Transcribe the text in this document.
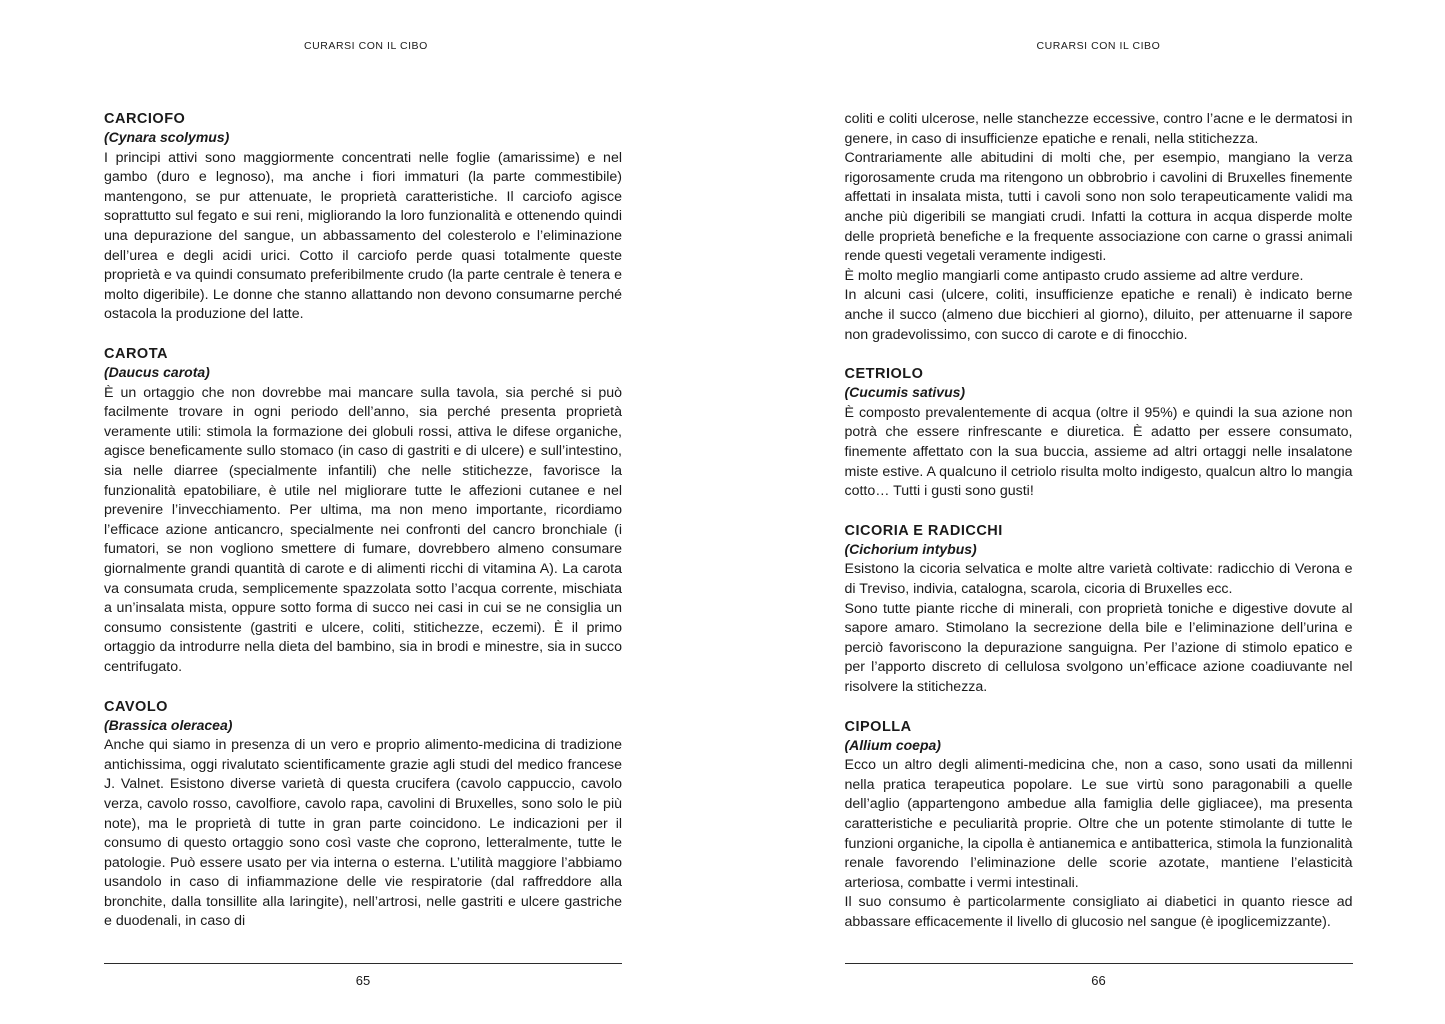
CURARSI CON IL CIBO
CARCIOFO
(Cynara scolymus)

I principi attivi sono maggiormente concentrati nelle foglie (amarissime) e nel gambo (duro e legnoso), ma anche i fiori immaturi (la parte commestibile) mantengono, se pur attenuate, le proprietà caratteristiche. Il carciofo agisce soprattutto sul fegato e sui reni, migliorando la loro funzionalità e ottenendo quindi una depurazione del sangue, un abbassamento del colesterolo e l’eliminazione dell’urea e degli acidi urici. Cotto il carciofo perde quasi totalmente queste proprietà e va quindi consumato preferibilmente crudo (la parte centrale è tenera e molto digeribile). Le donne che stanno allattando non devono consumarne perché ostacola la produzione del latte.

CAROTA
(Daucus carota)

È un ortaggio che non dovrebbe mai mancare sulla tavola, sia perché si può facilmente trovare in ogni periodo dell’anno, sia perché presenta proprietà veramente utili: stimola la formazione dei globuli rossi, attiva le difese organiche, agisce beneficamente sullo stomaco (in caso di gastriti e di ulcere) e sull’intestino, sia nelle diarree (specialmente infantili) che nelle stitichezze, favorisce la funzionalità epatobiliare, è utile nel migliorare tutte le affezioni cutanee e nel prevenire l’invecchiamento. Per ultima, ma non meno importante, ricordiamo l’efficace azione anticancro, specialmente nei confronti del cancro bronchiale (i fumatori, se non vogliono smettere di fumare, dovrebbero almeno consumare giornalmente grandi quantità di carote e di alimenti ricchi di vitamina A). La carota va consumata cruda, semplicemente spazzolata sotto l’acqua corrente, mischiata a un’insalata mista, oppure sotto forma di succo nei casi in cui se ne consiglia un consumo consistente (gastriti e ulcere, coliti, stitichezze, eczemi). È il primo ortaggio da introdurre nella dieta del bambino, sia in brodi e minestre, sia in succo centrifugato.

CAVOLO
(Brassica oleracea)

Anche qui siamo in presenza di un vero e proprio alimento-medicina di tradizione antichissima, oggi rivalutato scientificamente grazie agli studi del medico francese J. Valnet. Esistono diverse varietà di questa crucifera (cavolo cappuccio, cavolo verza, cavolo rosso, cavolfiore, cavolo rapa, cavolini di Bruxelles, sono solo le più note), ma le proprietà di tutte in gran parte coincidono. Le indicazioni per il consumo di questo ortaggio sono così vaste che coprono, letteralmente, tutte le patologie. Può essere usato per via interna o esterna. L’utilità maggiore l’abbiamo usandolo in caso di infiammazione delle vie respiratorie (dal raffreddore alla bronchite, dalla tonsillite alla laringite), nell’artrosi, nelle gastriti e ulcere gastriche e duodenali, in caso di

65
CURARSI CON IL CIBO

coliti e coliti ulcerose, nelle stanchezze eccessive, contro l’acne e le dermatosi in genere, in caso di insufficienze epatiche e renali, nella stitichezza.

Contrariamente alle abitudini di molti che, per esempio, mangiano la verza rigorosamente cruda ma ritengono un obbrobrio i cavolini di Bruxelles finemente affettati in insalata mista, tutti i cavoli sono non solo terapeuticamente validi ma anche più digeribili se mangiati crudi. Infatti la cottura in acqua disperde molte delle proprietà benefiche e la frequente associazione con carne o grassi animali rende questi vegetali veramente indigesti.

È molto meglio mangiarli come antipasto crudo assieme ad altre verdure.

In alcuni casi (ulcere, coliti, insufficienze epatiche e renali) è indicato berne anche il succo (almeno due bicchieri al giorno), diluito, per attenuarne il sapore non gradevolissimo, con succo di carote e di finocchio.

CETRIOLO
(Cucumis sativus)

È composto prevalentemente di acqua (oltre il 95%) e quindi la sua azione non potrà che essere rinfrescante e diuretica. È adatto per essere consumato, finemente affettato con la sua buccia, assieme ad altri ortaggi nelle insalatone miste estive. A qualcuno il cetriolo risulta molto indigesto, qualcun altro lo mangia cotto… Tutti i gusti sono gusti!

CICORIA E RADICCHI
(Cichorium intybus)

Esistono la cicoria selvatica e molte altre varietà coltivate: radicchio di Verona e di Treviso, indivia, catalogna, scarola, cicoria di Bruxelles ecc.

Sono tutte piante ricche di minerali, con proprietà toniche e digestive dovute al sapore amaro. Stimolano la secrezione della bile e l’eliminazione dell’urina e perciò favoriscono la depurazione sanguigna. Per l’azione di stimolo epatico e per l’apporto discreto di cellulosa svolgono un’efficace azione coadiuvante nel risolvere la stitichezza.

CIPOLLA
(Allium coepa)

Ecco un altro degli alimenti-medicina che, non a caso, sono usati da millenni nella pratica terapeutica popolare. Le sue virtù sono paragonabili a quelle dell’aglio (appartengono ambedue alla famiglia delle gigliacee), ma presenta caratteristiche e peculiarità proprie. Oltre che un potente stimolante di tutte le funzioni organiche, la cipolla è antianemica e antibatterica, stimola la funzionalità renale favorendo l’eliminazione delle scorie azotate, mantiene l’elasticità arteriosa, combatte i vermi intestinali.

Il suo consumo è particolarmente consigliato ai diabetici in quanto riesce ad abbassare efficacemente il livello di glucosio nel sangue (è ipoglicemizzante).

66
